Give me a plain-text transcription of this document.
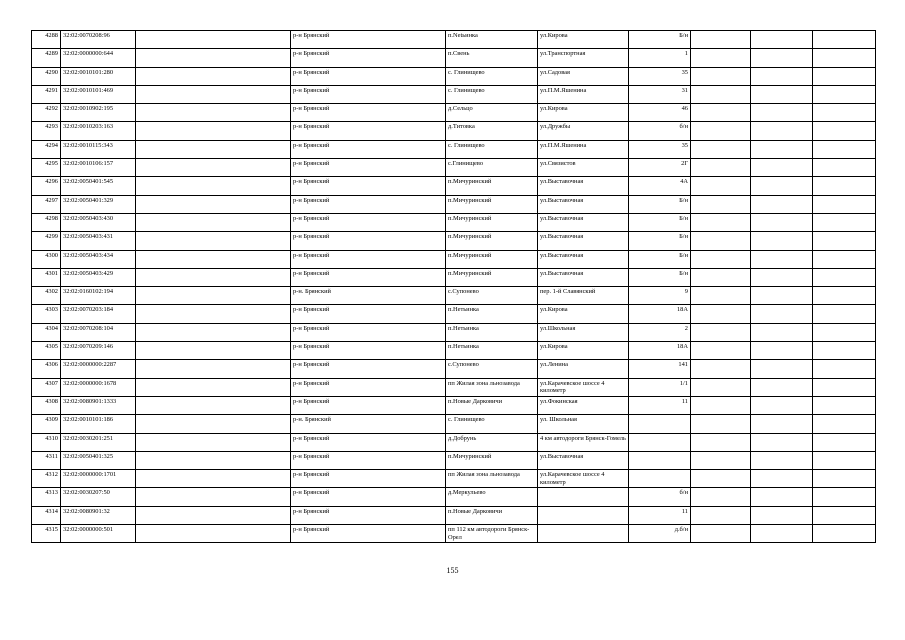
4288	32:02:0070208:96		р-н Брянский	п.Netьинка	ул.Кирова	Б/н			
4289	32:02:0000000:644		р-н Брянский	п.Свень	ул.Транспортная	1			
4290	32:02:0010101:280		р-н Брянский	с. Глинищево	ул.Садовая	35			
4291	32:02:0010101:469		р-н Брянский	с. Глинищево	ул.П.М.Яшенина	31			
4292	32:02:0010902:195		р-н Брянский	д.Сельцо	ул.Кирова	46			
4293	32:02:0010203:163		р-н Брянский	д.Титовка	ул.Дружбы	б/н			
4294	32:02:0010115:343		р-н Брянский	с. Глинищево	ул.П.М.Яшенина	35			
4295	32:02:0010106:157		р-н Брянский	с.Глинищево	ул.Связистов	2Г			
4296	32:02:0050401:545		р-н Брянский	п.Мичуринский	ул.Выставочная	4А			
4297	32:02:0050401:329		р-н Брянский	п.Мичуринский	ул.Выставочная	Б/н			
4298	32:02:0050403:430		р-н Брянский	п.Мичуринский	ул.Выставочная	Б/н			
4299	32:02:0050403:431		р-н Брянский	п.Мичуринский	ул.Выставочная	Б/н			
4300	32:02:0050403:434		р-н Брянский	п.Мичуринский	ул.Выставочная	Б/н			
4301	32:02:0050403:429		р-н Брянский	п.Мичуринский	ул.Выставочная	Б/н			
4302	32:02:0160102:194		р-н. Брянский	с.Супонево	пер. 1-й Славянский	9			
4303	32:02:0070203:184		р-н Брянский	п.Нетьинка	ул.Кирова	18А			
4304	32:02:0070208:104		р-н Брянский	п.Нетьинка	ул.Школьная	2			
4305	32:02:0070209:146		р-н Брянский	п.Нетьинка	ул.Кирова	18А			
4306	32:02:0000000:2287		р-н Брянский	с.Супонево	ул.Ленина	141			
4307	32:02:0000000:1678		р-н Брянский	пп Жилая зона льнозавода	ул.Карачевское шоссе 4 километр	1/1			
4308	32:02:0080901:1333		р-н Брянский	п.Новые Дарковичи	ул.Фокинская	11			
4309	32:02:0010101:186		р-н. Брянский	с. Глинищево	ул. Школьная				
4310	32:02:0030201:251		р-н Брянский	д.Добрунь	4 км автодороги Брянск-Гомель				
4311	32:02:0050401:325		р-н Брянский	п.Мичуринский	ул.Выставочная				
4312	32:02:0000000:1701		р-н Брянский	пп Жилая зона льнозавода	ул.Карачевское шоссе 4 километр				
4313	32:02:0030207:50		р-н Брянский	д.Меркульево		б/н			
4314	32:02:0080901:32		р-н Брянский	п.Новые Дарковичи		11			
4315	32:02:0000000:501		р-н Брянский	пп 112 км автодороги Брянск-Орел		д.б/н			
155
